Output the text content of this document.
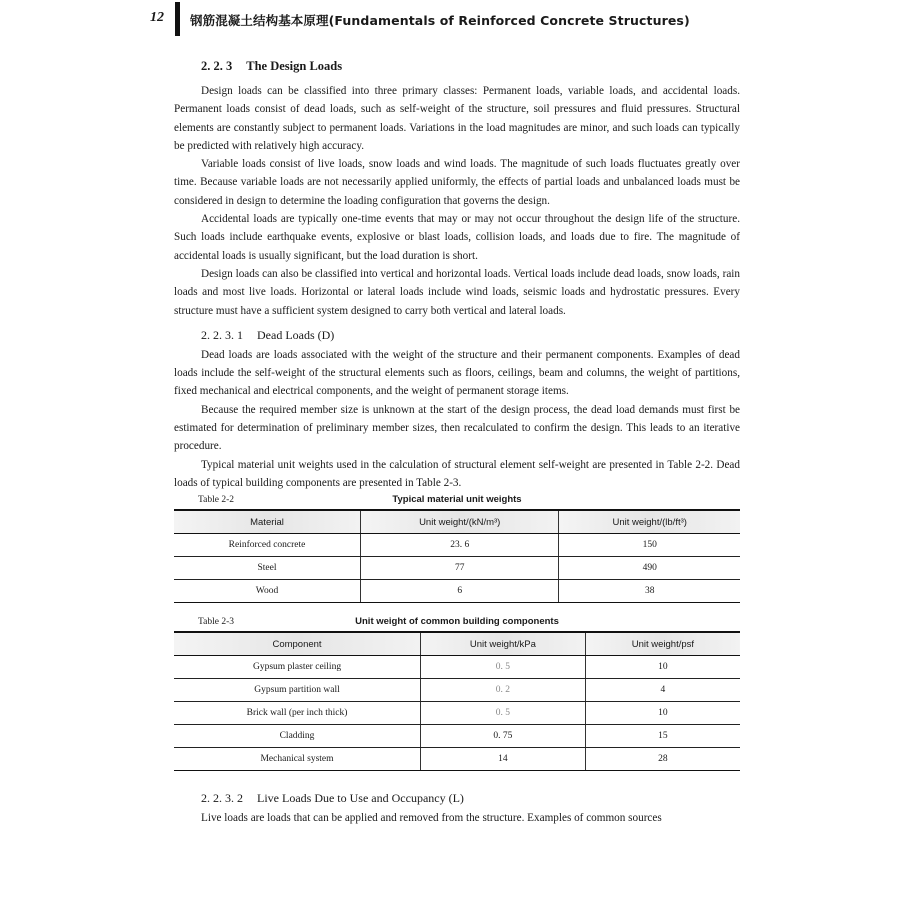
12 钢筋混凝土结构基本原理(Fundamentals of Reinforced Concrete Structures)
2. 2. 3 The Design Loads

Design loads can be classified into three primary classes: Permanent loads, variable loads, and accidental loads. Permanent loads consist of dead loads, such as self-weight of the structure, soil pressures and fluid pressures. Structural elements are constantly subject to permanent loads. Variations in the load magnitudes are minor, and such loads can typically be predicted with relatively high accuracy.

Variable loads consist of live loads, snow loads and wind loads. The magnitude of such loads fluctuates greatly over time. Because variable loads are not necessarily applied uniformly, the effects of partial loads and unbalanced loads must be considered in design to determine the loading configuration that governs the design.

Accidental loads are typically one-time events that may or may not occur throughout the design life of the structure. Such loads include earthquake events, explosive or blast loads, collision loads, and loads due to fire. The magnitude of accidental loads is usually significant, but the load duration is short.

Design loads can also be classified into vertical and horizontal loads. Vertical loads include dead loads, snow loads, rain loads and most live loads. Horizontal or lateral loads include wind loads, seismic loads and hydrostatic pressures. Every structure must have a sufficient system designed to carry both vertical and lateral loads.

2. 2. 3. 1 Dead Loads (D)

Dead loads are loads associated with the weight of the structure and their permanent components. Examples of dead loads include the self-weight of the structural elements such as floors, ceilings, beam and columns, the weight of partitions, fixed mechanical and electrical components, and the weight of permanent storage items.

Because the required member size is unknown at the start of the design process, the dead load demands must first be estimated for determination of preliminary member sizes, then recalculated to confirm the design. This leads to an iterative procedure.

Typical material unit weights used in the calculation of structural element self-weight are presented in Table 2-2. Dead loads of typical building components are presented in Table 2-3.

Table 2-2	Typical material unit weights
Material	Unit weight/(kN/m³)	Unit weight/(lb/ft³)
Reinforced concrete	23. 6	150
Steel	77	490
Wood	6	38
Table 2-3	Unit weight of common building components
Component	Unit weight/kPa	Unit weight/psf
Gypsum plaster ceiling	0. 5	10
Gypsum partition wall	0. 2	4
Brick wall (per inch thick)	0. 5	10
Cladding	0. 75	15
Mechanical system	14	28
2. 2. 3. 2 Live Loads Due to Use and Occupancy (L)

Live loads are loads that can be applied and removed from the structure. Examples of common sources
